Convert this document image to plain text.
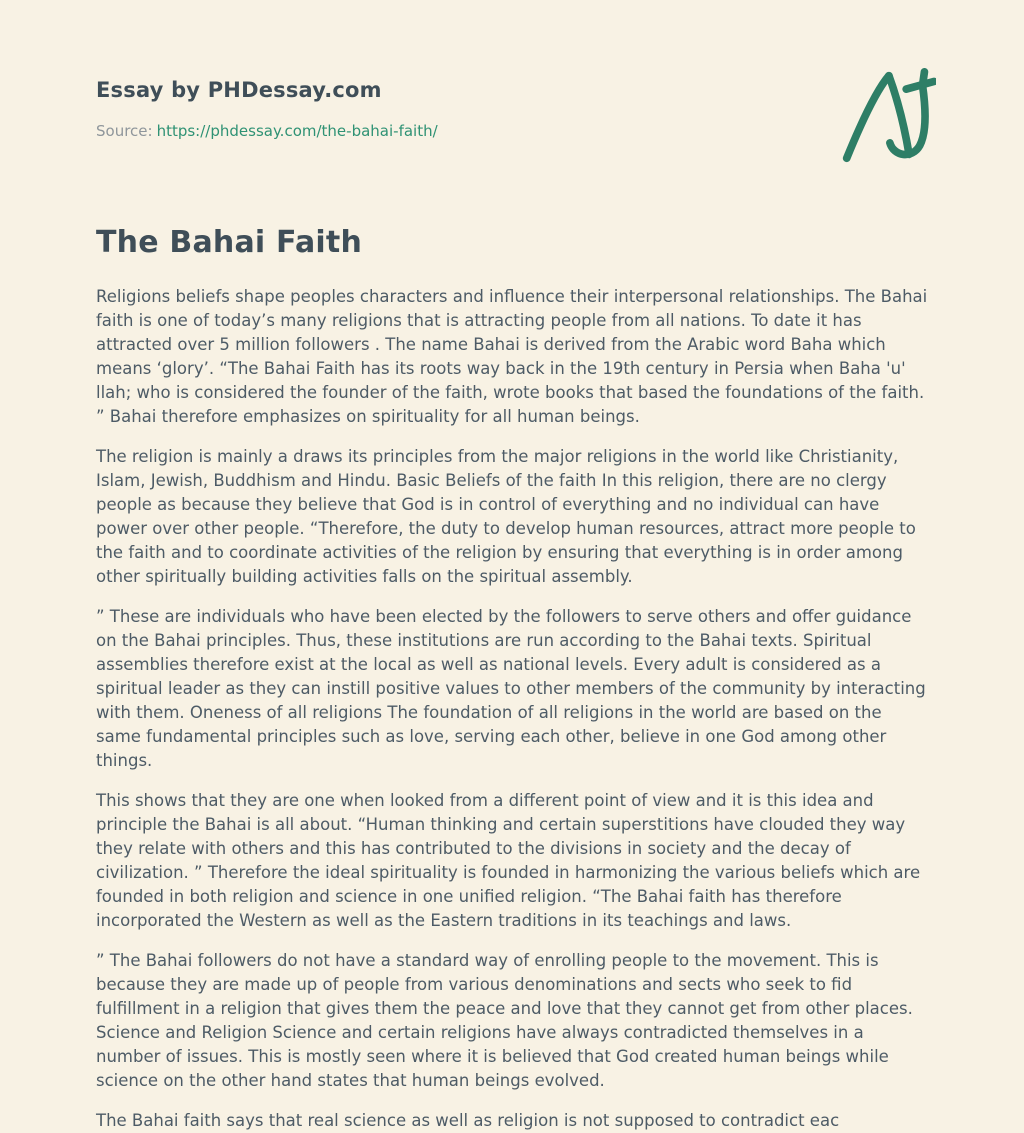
Essay by PHDessay.com
Source: https://phdessay.com/the-bahai-faith/
The Bahai Faith

Religions beliefs shape peoples characters and influence their interpersonal relationships. The Bahai faith is one of today’s many religions that is attracting people from all nations. To date it has attracted over 5 million followers . The name Bahai is derived from the Arabic word Baha which means ‘glory’. “The Bahai Faith has its roots way back in the 19th century in Persia when Baha 'u' llah; who is considered the founder of the faith, wrote books that based the foundations of the faith. ” Bahai therefore emphasizes on spirituality for all human beings.

The religion is mainly a draws its principles from the major religions in the world like Christianity, Islam, Jewish, Buddhism and Hindu. Basic Beliefs of the faith In this religion, there are no clergy people as because they believe that God is in control of everything and no individual can have power over other people. “Therefore, the duty to develop human resources, attract more people to the faith and to coordinate activities of the religion by ensuring that everything is in order among other spiritually building activities falls on the spiritual assembly.

” These are individuals who have been elected by the followers to serve others and offer guidance on the Bahai principles. Thus, these institutions are run according to the Bahai texts. Spiritual assemblies therefore exist at the local as well as national levels. Every adult is considered as a spiritual leader as they can instill positive values to other members of the community by interacting with them. Oneness of all religions The foundation of all religions in the world are based on the same fundamental principles such as love, serving each other, believe in one God among other things.

This shows that they are one when looked from a different point of view and it is this idea and principle the Bahai is all about. “Human thinking and certain superstitions have clouded they way they relate with others and this has contributed to the divisions in society and the decay of civilization. ” Therefore the ideal spirituality is founded in harmonizing the various beliefs which are founded in both religion and science in one unified religion. “The Bahai faith has therefore incorporated the Western as well as the Eastern traditions in its teachings and laws.

” The Bahai followers do not have a standard way of enrolling people to the movement. This is because they are made up of people from various denominations and sects who seek to fid fulfillment in a religion that gives them the peace and love that they cannot get from other places. Science and Religion Science and certain religions have always contradicted themselves in a number of issues. This is mostly seen where it is believed that God created human beings while science on the other hand states that human beings evolved.

The Bahai faith says that real science as well as religion is not supposed to contradict eac
